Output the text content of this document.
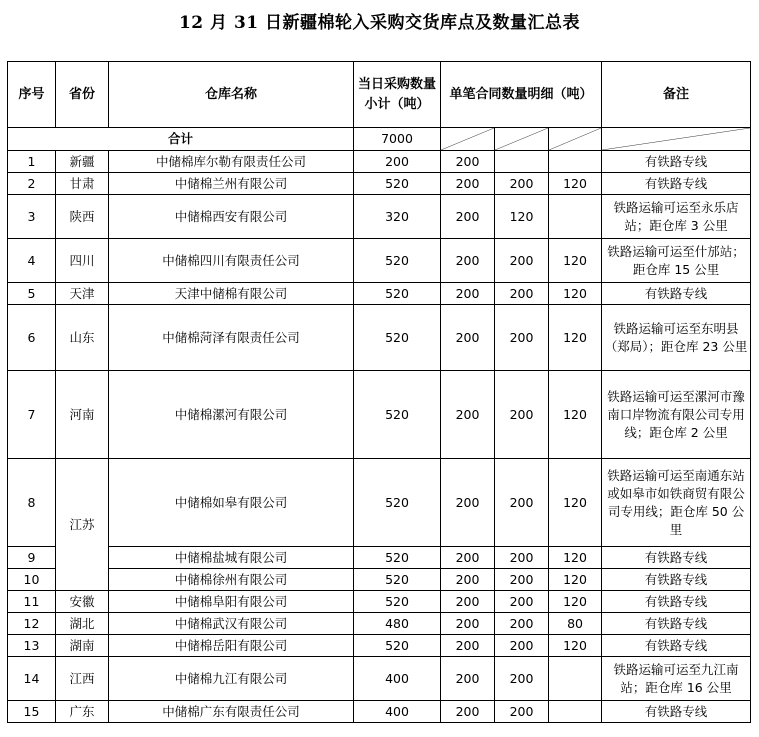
12 月 31 日新疆棉轮入采购交货库点及数量汇总表
序号	省份	仓库名称	当日采购数量小计（吨）	单笔合同数量明细（吨）			备注
合计			7000	

1	新疆	中储棉库尔勒有限责任公司	200	200			有铁路专线
2	甘肃	中储棉兰州有限公司	520	200	200	120	有铁路专线
3	陕西	中储棉西安有限公司	320	200	120		铁路运输可运至永乐店站；距仓库 3 公里
4	四川	中储棉四川有限责任公司	520	200	200	120	铁路运输可运至什邡站；距仓库 15 公里
5	天津	天津中储棉有限公司	520	200	200	120	有铁路专线
6	山东	中储棉菏泽有限责任公司	520	200	200	120	铁路运输可运至东明县（郑局）；距仓库 23 公里
7	河南	中储棉漯河有限公司	520	200	200	120	铁路运输可运至漯河市豫南口岸物流有限公司专用线；距仓库 2 公里
8	江苏	中储棉如皋有限公司	520	200	200	120	铁路运输可运至南通东站或如皋市如铁商贸有限公司专用线；距仓库 50 公里
9		中储棉盐城有限公司	520	200	200	120	有铁路专线
10		中储棉徐州有限公司	520	200	200	120	有铁路专线
11	安徽	中储棉阜阳有限公司	520	200	200	120	有铁路专线
12	湖北	中储棉武汉有限公司	480	200	200	80	有铁路专线
13	湖南	中储棉岳阳有限公司	520	200	200	120	有铁路专线
14	江西	中储棉九江有限公司	400	200	200		铁路运输可运至九江南站；距仓库 16 公里
15	广东	中储棉广东有限责任公司	400	200	200		有铁路专线
